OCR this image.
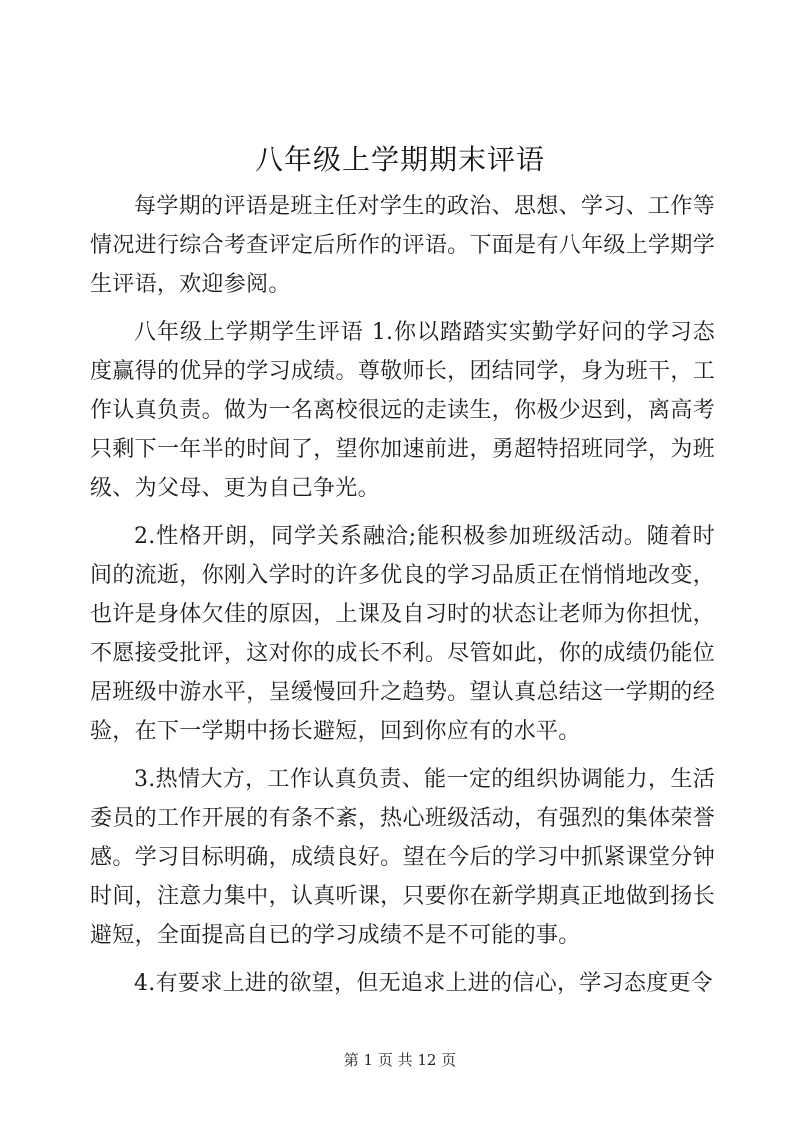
八年级上学期期末评语

每学期的评语是班主任对学生的政治、思想、学习、工作等情况进行综合考查评定后所作的评语。下面是有八年级上学期学生评语，欢迎参阅。

八年级上学期学生评语 1.你以踏踏实实勤学好问的学习态度赢得的优异的学习成绩。尊敬师长，团结同学，身为班干，工作认真负责。做为一名离校很远的走读生，你极少迟到，离高考只剩下一年半的时间了，望你加速前进，勇超特招班同学，为班级、为父母、更为自己争光。

2.性格开朗，同学关系融洽;能积极参加班级活动。随着时间的流逝，你刚入学时的许多优良的学习品质正在悄悄地改变，也许是身体欠佳的原因，上课及自习时的状态让老师为你担忧，不愿接受批评，这对你的成长不利。尽管如此，你的成绩仍能位居班级中游水平，呈缓慢回升之趋势。望认真总结这一学期的经验，在下一学期中扬长避短，回到你应有的水平。

3.热情大方，工作认真负责、能一定的组织协调能力，生活委员的工作开展的有条不紊，热心班级活动，有强烈的集体荣誉感。学习目标明确，成绩良好。望在今后的学习中抓紧课堂分钟时间，注意力集中，认真听课，只要你在新学期真正地做到扬长避短，全面提高自已的学习成绩不是不可能的事。

4.有要求上进的欲望，但无追求上进的信心，学习态度更令

第 1 页 共 12 页
